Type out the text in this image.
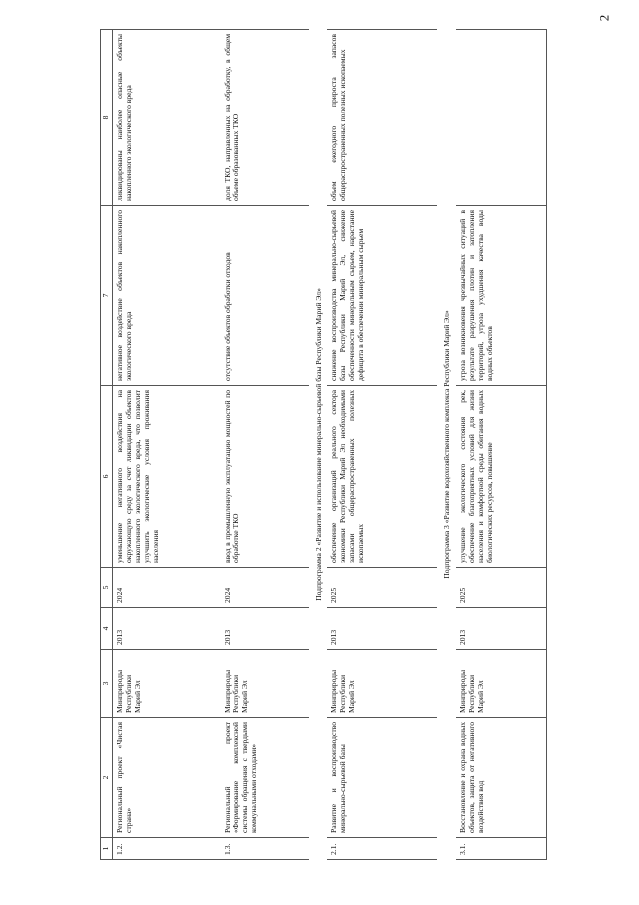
2
1	2	3	4	5	6	7	8
1.2.	Региональный проект «Чистая страна»	Минприроды Республики Марий Эл	2013	2024	уменьшение негативного воздействия на окружающую среду за счет ликвидации объектов накопленного экологического вреда, что позволит улучшить экологические условия проживания населения	негативное воздействие объектов накопленного экологического вреда	ликвидированы наиболее опасные объекты накопленного экологического вреда
1.3.	Региональный проект «Формирование комплексной системы обращения с твердыми коммунальными отходами»	Минприроды Республики Марий Эл	2013	2024	ввод в промышленную эксплуатацию мощностей по обработке ТКО	отсутствие объектов обработки отходов	доля ТКО, направленных на обработку, в общем объеме образованных ТКО
Подпрограмма 2 «Развитие и использование минерально-сырьевой базы Республики Марий Эл»							
2.1.	Развитие и воспроизводство минерально-сырьевой базы	Минприроды Республики Марий Эл	2013	2025	обеспечение организаций реального сектора экономики Республики Марий Эл необходимыми запасами общераспространенных полезных ископаемых	снижение воспроизводства минерально-сырьевой базы Республики Марий Эл, снижение обеспеченности минеральным сырьем, нарастание дефицита в обеспечении минеральным сырьем	объем ежегодного прироста запасов общераспространенных полезных ископаемых
Подпрограмма 3 «Развитие водохозяйственного комплекса Республики Марий Эл»							
3.1.	Восстановление и охрана водных объектов, защита от негативного воздействия вод	Минприроды Республики Марий Эл	2013	2025	улучшение экологического состояния рек, обеспечение благоприятных условий для жизни населения и комфортной среды обитания водных биологических ресурсов, повышение	угроза возникновения чрезвычайных ситуаций в результате разрушения плотин и затопления территорий, угроза ухудшения качества воды водных объектов	
